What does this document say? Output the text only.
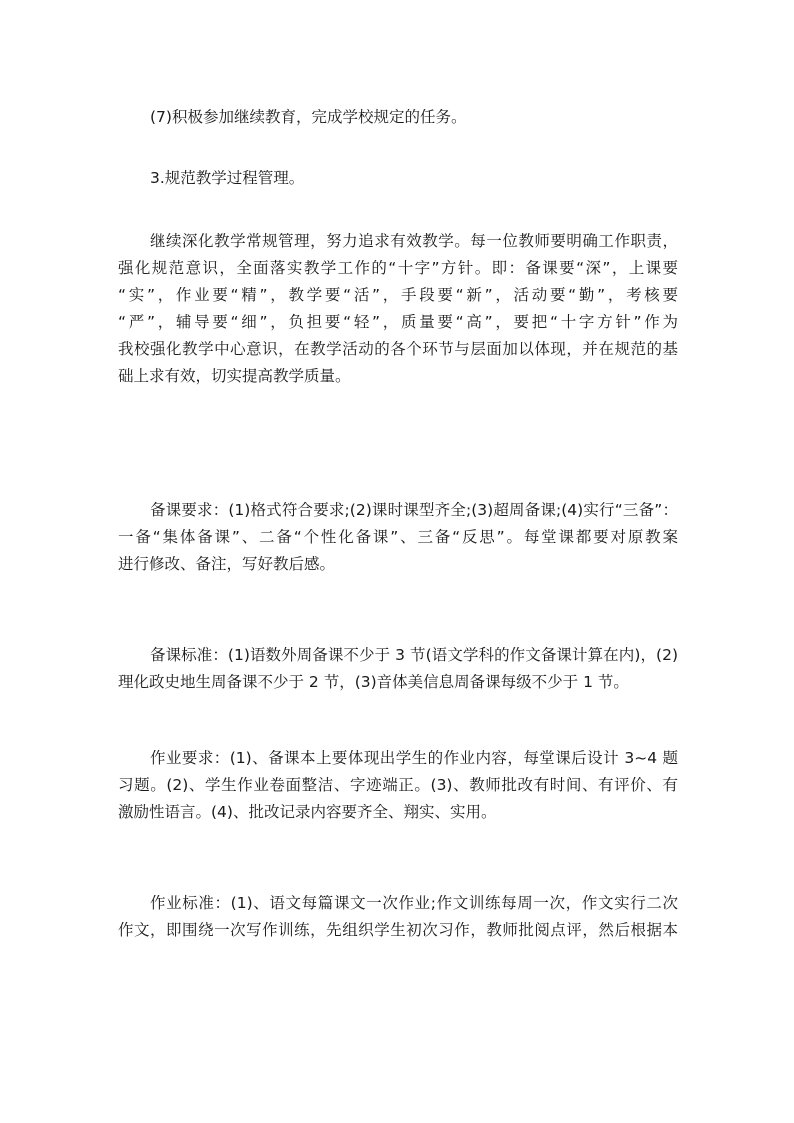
(7)积极参加继续教育，完成学校规定的任务。
3.规范教学过程管理。
继续深化教学常规管理，努力追求有效教学。每一位教师要明确工作职责，
强化规范意识，全面落实教学工作的“十字”方针。即：备课要“深”，上课要
“实”，作业要“精”，教学要“活”，手段要“新”，活动要“勤”，考核要
“严”，辅导要“细”，负担要“轻”，质量要“高”，要把“十字方针”作为
我校强化教学中心意识，在教学活动的各个环节与层面加以体现，并在规范的基
础上求有效，切实提高教学质量。
备课要求：(1)格式符合要求;(2)课时课型齐全;(3)超周备课;(4)实行“三备”：
一备“集体备课”、二备“个性化备课”、三备“反思”。每堂课都要对原教案
进行修改、备注，写好教后感。
备课标准：(1)语数外周备课不少于 3 节(语文学科的作文备课计算在内)，(2)
理化政史地生周备课不少于 2 节，(3)音体美信息周备课每级不少于 1 节。
作业要求：(1)、备课本上要体现出学生的作业内容，每堂课后设计 3~4 题
习题。(2)、学生作业卷面整洁、字迹端正。(3)、教师批改有时间、有评价、有
激励性语言。(4)、批改记录内容要齐全、翔实、实用。
作业标准：(1)、语文每篇课文一次作业;作文训练每周一次，作文实行二次
作文，即围绕一次写作训练，先组织学生初次习作，教师批阅点评，然后根据本
